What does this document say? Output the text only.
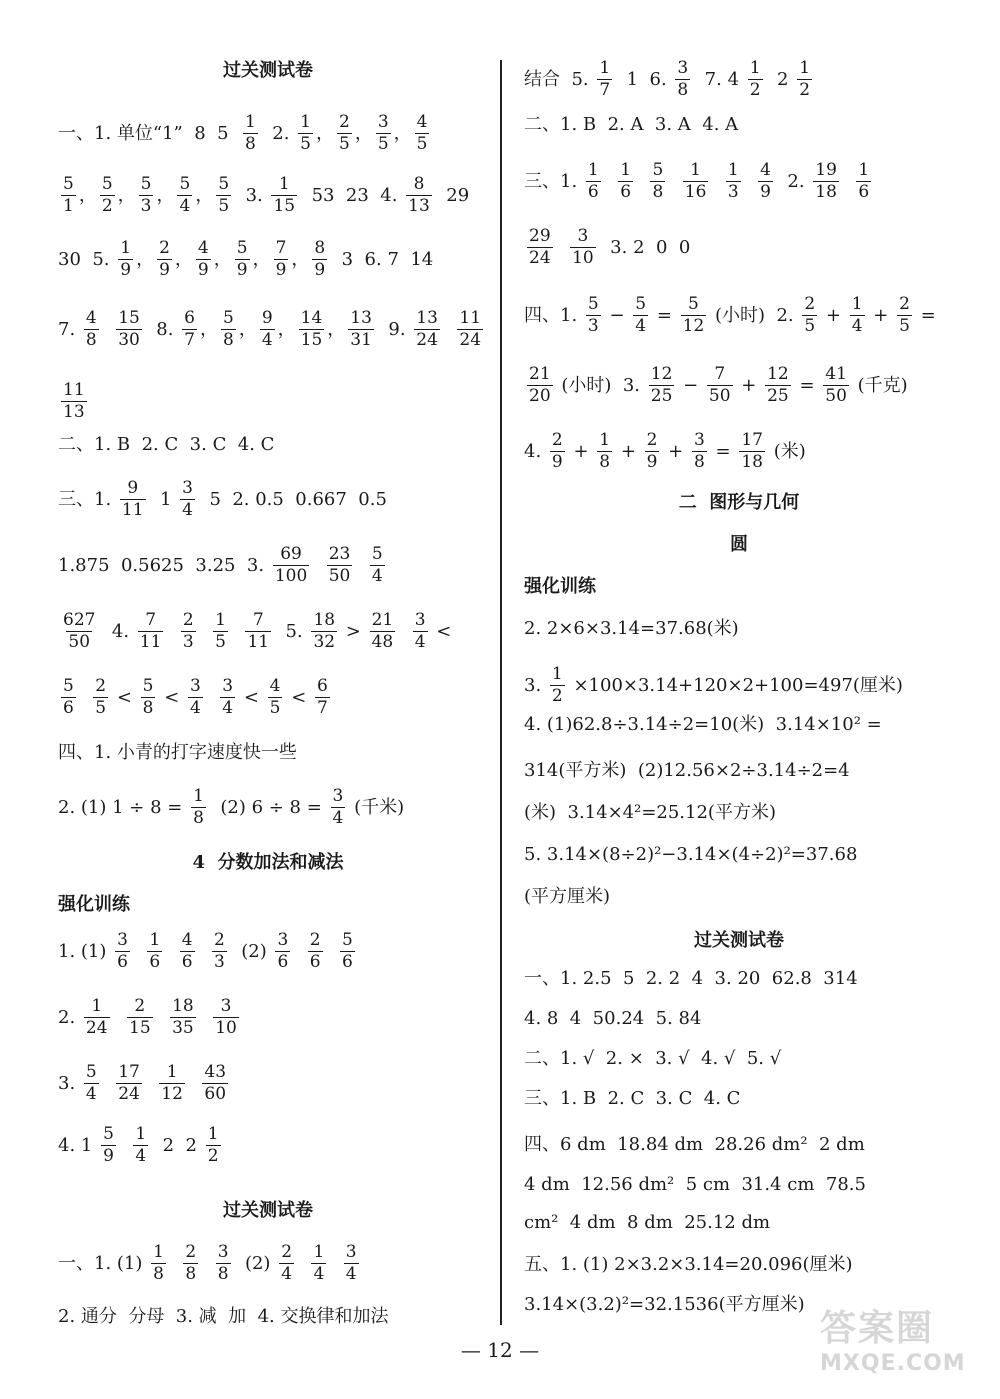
过关测试卷
一、1. 单位“1”  8  $5 \frac{1}{8} 2$. $\frac{1}{5}$ ， $\frac{2}{5}$ ， $\frac{3}{5}$ ， $\frac{4}{5}$
$\frac{5}{1}$ ， $\frac{5}{2}$ ， $\frac{5}{3}$ ， $\frac{5}{4}$ ， $\frac{5}{5} 3$. $\frac{1}{15} 53$  23  4. $\frac{8}{13} 29$
30  5. $\frac{1}{9}$ ， $\frac{2}{9}$ ， $\frac{4}{9}$ ， $\frac{5}{9}$ ， $\frac{7}{9}$ ， $\frac{8}{9} 3$  6. 7  14
7. $\frac{4}{8}$
$\frac{15}{30} 8$. $\frac{6}{7}$ ， $\frac{5}{8}$ ， $\frac{9}{4}$ ， $\frac{14}{15}$ ， $\frac{13}{31} 9$. $\frac{13}{24}$
$\frac{11}{24}$
$\frac{11}{13}$
二、1. B  2. C  3. C  4. C
三、1. $\frac{9}{11} 1 \frac{3}{4} 5$  2. 0.5  0.667  0.5
1.875  0.5625  3.25  3. $\frac{69}{100}$
$\frac{23}{50}$
$\frac{5}{4}$
$\frac{627}{50} 4$. $\frac{7}{11}$
$\frac{2}{3}$
$\frac{1}{5}$
$\frac{7}{11} 5$. $\frac{18}{32} > \frac{21}{48}$
$\frac{3}{4}$ <
$\frac{5}{6}$
$\frac{2}{5} < \frac{5}{8} < \frac{3}{4}$
$\frac{3}{4} < \frac{4}{5} < \frac{6}{7}$
四、1. 小青的打字速度快一些
2. (1) $1 \div 8 = \frac{1}{8} (2) 6 \div 8 = \frac{3}{4}$ (千米)
4  分数加法和减法
强化训练
1. $(1) \frac{3}{6}$
$\frac{1}{6}$
$\frac{4}{6}$
$\frac{2}{3} (2) \frac{3}{6}$
$\frac{2}{6}$
$\frac{5}{6}$
2. $\frac{1}{24}$
$\frac{2}{15}$
$\frac{18}{35}$
$\frac{3}{10}$
3. $\frac{5}{4}$
$\frac{17}{24}$
$\frac{1}{12}$
$\frac{43}{60}$
4. $1 \frac{5}{9}$
$\frac{1}{4} 2$  $2 \frac{1}{2}$
过关测试卷
一、1. $(1) \frac{1}{8}$
$\frac{2}{8}$
$\frac{3}{8} (2) \frac{2}{4}$
$\frac{1}{4}$
$\frac{3}{4}$
2. 通分  分母  3. 减  加  4. 交换律和加法
结合  5. $\frac{1}{7} 1$  6. $\frac{3}{8} 7$. $4 \frac{1}{2} 2 \frac{1}{2}$
二、1. B  2. A  3. A  4. A
三、1. $\frac{1}{6}$
$\frac{1}{6}$
$\frac{5}{8}$
$\frac{1}{16}$
$\frac{1}{3}$
$\frac{4}{9} 2$. $\frac{19}{18}$
$\frac{1}{6}$
$\frac{29}{24}$
$\frac{3}{10} 3$. 2  0  0
四、1. $\frac{5}{3} - \frac{5}{4} = \frac{5}{12}$ (小时)  2. $\frac{2}{5} + \frac{1}{4} + \frac{2}{5}$ =
$\frac{21}{20}$ (小时)  3. $\frac{12}{25} - \frac{7}{50} + \frac{12}{25} = \frac{41}{50}$ (千克)
4. $\frac{2}{9} + \frac{1}{8} + \frac{2}{9} + \frac{3}{8} = \frac{17}{18}$ (米)
二  图形与几何
圆
强化训练
2. 2×6×3.14=37.68(米)
3. $\frac{1}{2} \times 100\times 3.14+120\times 2+100=497$(厘米)
4. (1)62.8÷3.14÷2=10(米)  3.14×10² =
314(平方米)  (2)12.56×2÷3.14÷2=4
(米)  3.14×4²=25.12(平方米)
5. 3.14×(8÷2)²−3.14×(4÷2)²=37.68
(平方厘米)
过关测试卷
一、1. 2.5  5  2. 2  4  3. 20  62.8  314
4. 8  4  50.24  5. 84
二、1. √  2. ×  3. √  4. √  5. √
三、1. B  2. C  3. C  4. C
四、6 dm  18.84 dm  28.26 dm²  2 dm
4 dm  12.56 dm²  5 cm  31.4 cm  78.5
cm²  4 dm  8 dm  25.12 dm
五、1. (1) 2×3.2×3.14=20.096(厘米)
3.14×(3.2)²=32.1536(平方厘米)
— 12 —
答案圈
MXQE.COM
